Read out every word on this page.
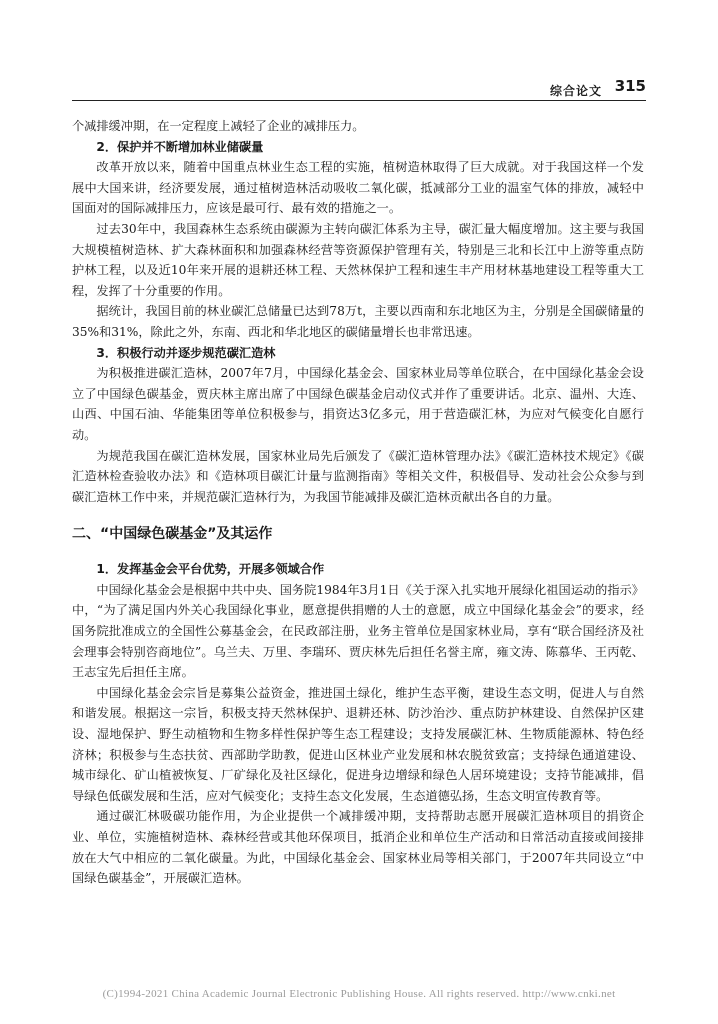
综合论文 315

个减排缓冲期，在一定程度上减轻了企业的减排压力。

2．保护并不断增加林业储碳量

改革开放以来，随着中国重点林业生态工程的实施，植树造林取得了巨大成就。对于我国这样一个发展中大国来讲，经济要发展，通过植树造林活动吸收二氧化碳，抵减部分工业的温室气体的排放，减轻中国面对的国际减排压力，应该是最可行、最有效的措施之一。

过去30年中，我国森林生态系统由碳源为主转向碳汇体系为主导，碳汇量大幅度增加。这主要与我国大规模植树造林、扩大森林面积和加强森林经营等资源保护管理有关，特别是三北和长江中上游等重点防护林工程，以及近10年来开展的退耕还林工程、天然林保护工程和速生丰产用材林基地建设工程等重大工程，发挥了十分重要的作用。

据统计，我国目前的林业碳汇总储量已达到78万t，主要以西南和东北地区为主，分别是全国碳储量的35%和31%，除此之外，东南、西北和华北地区的碳储量增长也非常迅速。

3．积极行动并逐步规范碳汇造林

为积极推进碳汇造林，2007年7月，中国绿化基金会、国家林业局等单位联合，在中国绿化基金会设立了中国绿色碳基金，贾庆林主席出席了中国绿色碳基金启动仪式并作了重要讲话。北京、温州、大连、山西、中国石油、华能集团等单位积极参与，捐资达3亿多元，用于营造碳汇林，为应对气候变化自愿行动。

为规范我国在碳汇造林发展，国家林业局先后颁发了《碳汇造林管理办法》《碳汇造林技术规定》《碳汇造林检查验收办法》和《造林项目碳汇计量与监测指南》等相关文件，积极倡导、发动社会公众参与到碳汇造林工作中来，并规范碳汇造林行为，为我国节能减排及碳汇造林贡献出各自的力量。

二、“中国绿色碳基金”及其运作
1．发挥基金会平台优势，开展多领域合作

中国绿化基金会是根据中共中央、国务院1984年3月1日《关于深入扎实地开展绿化祖国运动的指示》中，“为了满足国内外关心我国绿化事业，愿意提供捐赠的人士的意愿，成立中国绿化基金会”的要求，经国务院批准成立的全国性公募基金会，在民政部注册，业务主管单位是国家林业局，享有“联合国经济及社会理事会特别咨商地位”。乌兰夫、万里、李瑞环、贾庆林先后担任名誉主席，雍文涛、陈慕华、王丙乾、王志宝先后担任主席。

中国绿化基金会宗旨是募集公益资金，推进国土绿化，维护生态平衡，建设生态文明，促进人与自然和谐发展。根据这一宗旨，积极支持天然林保护、退耕还林、防沙治沙、重点防护林建设、自然保护区建设、湿地保护、野生动植物和生物多样性保护等生态工程建设；支持发展碳汇林、生物质能源林、特色经济林；积极参与生态扶贫、西部助学助教，促进山区林业产业发展和林农脱贫致富；支持绿色通道建设、城市绿化、矿山植被恢复、厂矿绿化及社区绿化，促进身边增绿和绿色人居环境建设；支持节能减排，倡导绿色低碳发展和生活，应对气候变化；支持生态文化发展，生态道德弘扬，生态文明宣传教育等。

通过碳汇林吸碳功能作用，为企业提供一个减排缓冲期，支持帮助志愿开展碳汇造林项目的捐资企业、单位，实施植树造林、森林经营或其他环保项目，抵消企业和单位生产活动和日常活动直接或间接排放在大气中相应的二氧化碳量。为此，中国绿化基金会、国家林业局等相关部门，于2007年共同设立“中国绿色碳基金”，开展碳汇造林。

(C)1994-2021 China Academic Journal Electronic Publishing House. All rights reserved. http://www.cnki.net
